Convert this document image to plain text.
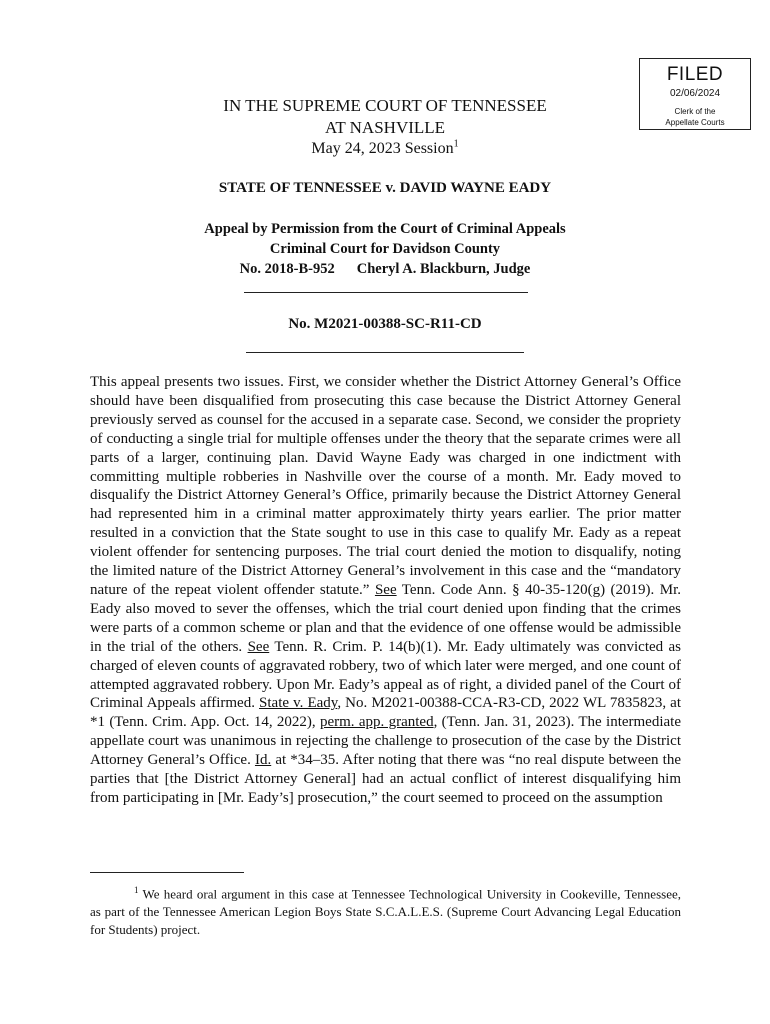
FILED
02/06/2024
Clerk of the
Appellate Courts
IN THE SUPREME COURT OF TENNESSEE
AT NASHVILLE
May 24, 2023 Session$^1$
STATE OF TENNESSEE v. DAVID WAYNE EADY
Appeal by Permission from the Court of Criminal Appeals
Criminal Court for Davidson County
No. 2018-B-952 Cheryl A. Blackburn, Judge
No. M2021-00388-SC-R11-CD
This appeal presents two issues. First, we consider whether the District Attorney General’s Office should have been disqualified from prosecuting this case because the District Attorney General previously served as counsel for the accused in a separate case. Second, we consider the propriety of conducting a single trial for multiple offenses under the theory that the separate crimes were all parts of a larger, continuing plan. David Wayne Eady was charged in one indictment with committing multiple robberies in Nashville over the course of a month. Mr. Eady moved to disqualify the District Attorney General’s Office, primarily because the District Attorney General had represented him in a criminal matter approximately thirty years earlier. The prior matter resulted in a conviction that the State sought to use in this case to qualify Mr. Eady as a repeat violent offender for sentencing purposes. The trial court denied the motion to disqualify, noting the limited nature of the District Attorney General’s involvement in this case and the “mandatory nature of the repeat violent offender statute.” See Tenn. Code Ann. § 40-35-120(g) (2019). Mr. Eady also moved to sever the offenses, which the trial court denied upon finding that the crimes were parts of a common scheme or plan and that the evidence of one offense would be admissible in the trial of the others. See Tenn. R. Crim. P. 14(b)(1). Mr. Eady ultimately was convicted as charged of eleven counts of aggravated robbery, two of which later were merged, and one count of attempted aggravated robbery. Upon Mr. Eady’s appeal as of right, a divided panel of the Court of Criminal Appeals affirmed. State v. Eady, No. M2021-00388-CCA-R3-CD, 2022 WL 7835823, at *1 (Tenn. Crim. App. Oct. 14, 2022), perm. app. granted, (Tenn. Jan. 31, 2023). The intermediate appellate court was unanimous in rejecting the challenge to prosecution of the case by the District Attorney General’s Office. Id. at *34–35. After noting that there was “no real dispute between the parties that [the District Attorney General] had an actual conflict of interest disqualifying him from participating in [Mr. Eady’s] prosecution,” the court seemed to proceed on the assumption
$^1$ We heard oral argument in this case at Tennessee Technological University in Cookeville, Tennessee, as part of the Tennessee American Legion Boys State S.C.A.L.E.S. (Supreme Court Advancing Legal Education for Students) project.
